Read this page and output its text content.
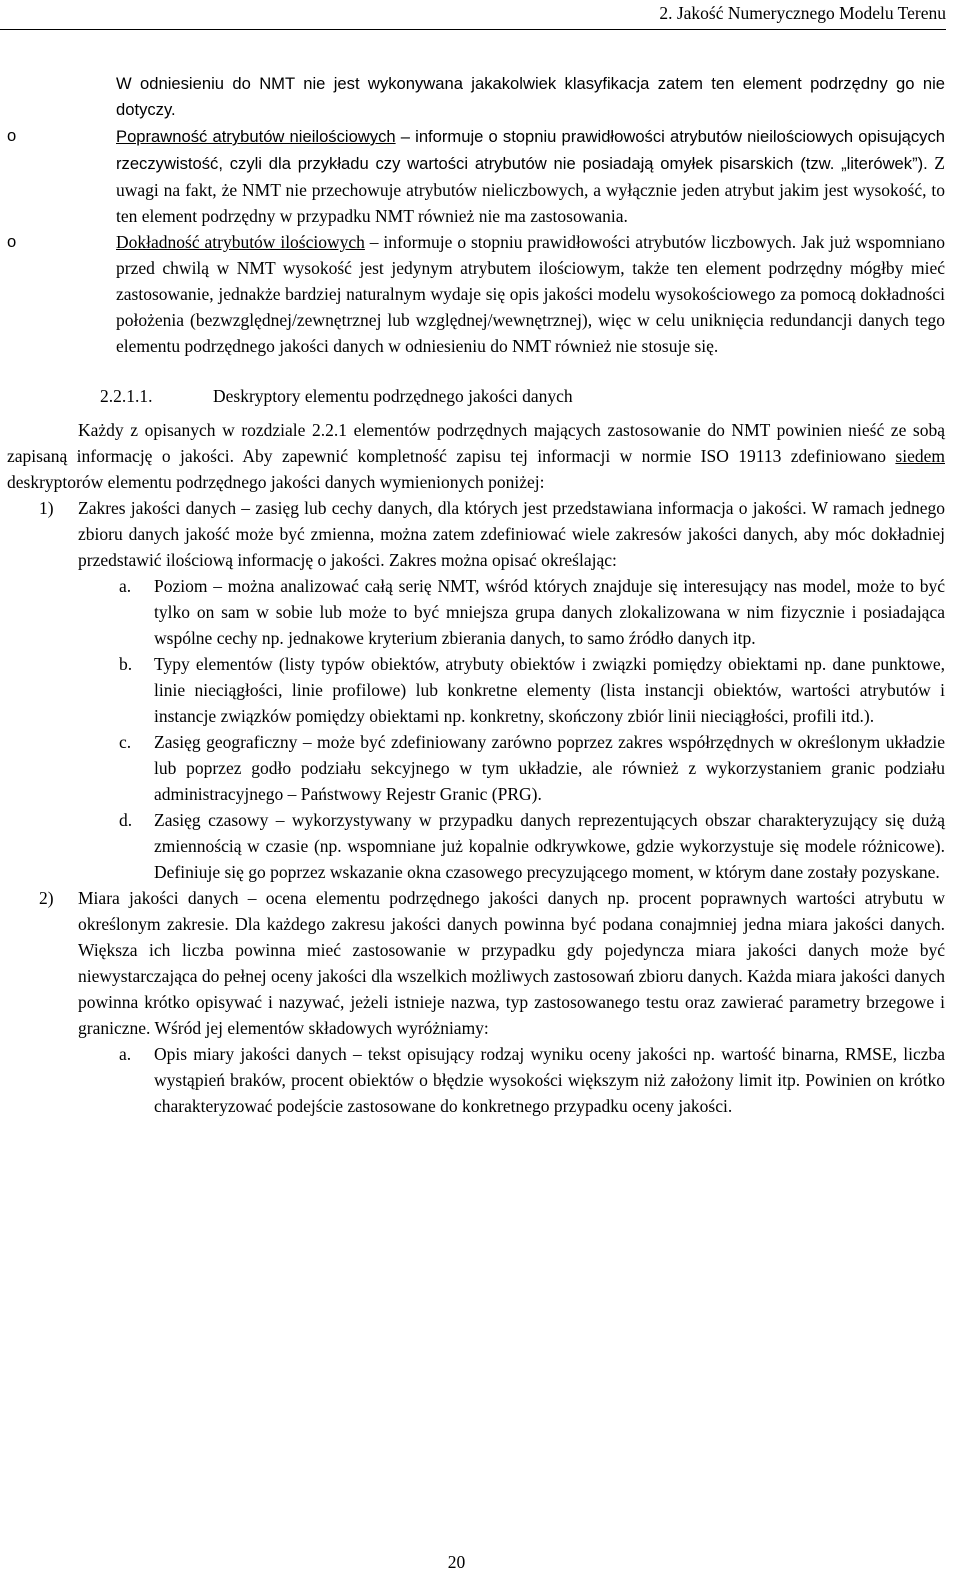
2. Jakość Numerycznego Modelu Terenu
W odniesieniu do NMT nie jest wykonywana jakakolwiek klasyfikacja zatem ten element podrzędny go nie dotyczy.
o	Poprawność atrybutów nieilościowych – informuje o stopniu prawidłowości atrybutów nieilościowych opisujących rzeczywistość, czyli dla przykładu czy wartości atrybutów nie posiadają omyłek pisarskich (tzw. „literówek”). Z uwagi na fakt, że NMT nie przechowuje atrybutów nieliczbowych, a wyłącznie jeden atrybut jakim jest wysokość, to ten element podrzędny w przypadku NMT również nie ma zastosowania.
o	Dokładność atrybutów ilościowych – informuje o stopniu prawidłowości atrybutów liczbowych. Jak już wspomniano przed chwilą w NMT wysokość jest jedynym atrybutem ilościowym, także ten element podrzędny mógłby mieć zastosowanie, jednakże bardziej naturalnym wydaje się opis jakości modelu wysokościowego za pomocą dokładności położenia (bezwzględnej/zewnętrznej lub względnej/wewnętrznej), więc w celu uniknięcia redundancji danych tego elementu podrzędnego jakości danych w odniesieniu do NMT również nie stosuje się.
2.2.1.1.	Deskryptory elementu podrzędnego jakości danych
Każdy z opisanych w rozdziale 2.2.1 elementów podrzędnych mających zastosowanie do NMT powinien nieść ze sobą zapisaną informację o jakości. Aby zapewnić kompletność zapisu tej informacji w normie ISO 19113 zdefiniowano siedem deskryptorów elementu podrzędnego jakości danych wymienionych poniżej:
1) Zakres jakości danych – zasięg lub cechy danych, dla których jest przedstawiana informacja o jakości. W ramach jednego zbioru danych jakość może być zmienna, można zatem zdefiniować wiele zakresów jakości danych, aby móc dokładniej przedstawić ilościową informację o jakości. Zakres można opisać określając:
a. Poziom – można analizować całą serię NMT, wśród których znajduje się interesujący nas model, może to być tylko on sam w sobie lub może to być mniejsza grupa danych zlokalizowana w nim fizycznie i posiadająca wspólne cechy np. jednakowe kryterium zbierania danych, to samo źródło danych itp.
b. Typy elementów (listy typów obiektów, atrybuty obiektów i związki pomiędzy obiektami np. dane punktowe, linie nieciągłości, linie profilowe) lub konkretne elementy (lista instancji obiektów, wartości atrybutów i instancje związków pomiędzy obiektami np. konkretny, skończony zbiór linii nieciągłości, profili itd.).
c. Zasięg geograficzny – może być zdefiniowany zarówno poprzez zakres współrzędnych w określonym układzie lub poprzez godło podziału sekcyjnego w tym układzie, ale również z wykorzystaniem granic podziału administracyjnego – Państwowy Rejestr Granic (PRG).
d. Zasięg czasowy – wykorzystywany w przypadku danych reprezentujących obszar charakteryzujący się dużą zmiennością w czasie (np. wspomniane już kopalnie odkrywkowe, gdzie wykorzystuje się modele różnicowe). Definiuje się go poprzez wskazanie okna czasowego precyzującego moment, w którym dane zostały pozyskane.
2) Miara jakości danych – ocena elementu podrzędnego jakości danych np. procent poprawnych wartości atrybutu w określonym zakresie. Dla każdego zakresu jakości danych powinna być podana conajmniej jedna miara jakości danych. Większa ich liczba powinna mieć zastosowanie w przypadku gdy pojedyncza miara jakości danych może być niewystarczająca do pełnej oceny jakości dla wszelkich możliwych zastosowań zbioru danych. Każda miara jakości danych powinna krótko opisywać i nazywać, jeżeli istnieje nazwa, typ zastosowanego testu oraz zawierać parametry brzegowe i graniczne. Wśród jej elementów składowych wyróżniamy:
a. Opis miary jakości danych – tekst opisujący rodzaj wyniku oceny jakości np. wartość binarna, RMSE, liczba wystąpień braków, procent obiektów o błędzie wysokości większym niż założony limit itp. Powinien on krótko charakteryzować podejście zastosowane do konkretnego przypadku oceny jakości.
20
